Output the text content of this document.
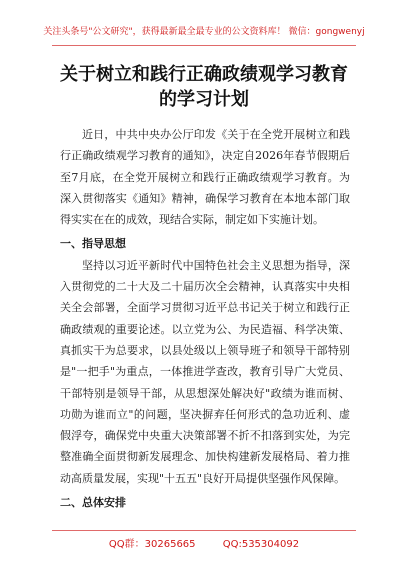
关注头条号"公文研究"，获得最新最全最专业的公文资料库！ 微信：gongwenyj
关于树立和践行正确政绩观学习教育的学习计划

近日，中共中央办公厅印发《关于在全党开展树立和践行正确政绩观学习教育的通知》，决定自2026年春节假期后至7月底，在全党开展树立和践行正确政绩观学习教育。为深入贯彻落实《通知》精神，确保学习教育在本地本部门取得实实在在的成效，现结合实际，制定如下实施计划。

一、指导思想

坚持以习近平新时代中国特色社会主义思想为指导，深入贯彻党的二十大及二十届历次全会精神，认真落实中央相关全会部署，全面学习贯彻习近平总书记关于树立和践行正确政绩观的重要论述。以立党为公、为民造福、科学决策、真抓实干为总要求，以县处级以上领导班子和领导干部特别是"一把手"为重点，一体推进学查改，教育引导广大党员、干部特别是领导干部，从思想深处解决好"政绩为谁而树、功勋为谁而立"的问题，坚决摒弃任何形式的急功近利、虚假浮夸，确保党中央重大决策部署不折不扣落到实处，为完整准确全面贯彻新发展理念、加快构建新发展格局、着力推动高质量发展，实现"十五五"良好开局提供坚强作风保障。

二、总体安排
QQ群：30265665	QQ:535304092
